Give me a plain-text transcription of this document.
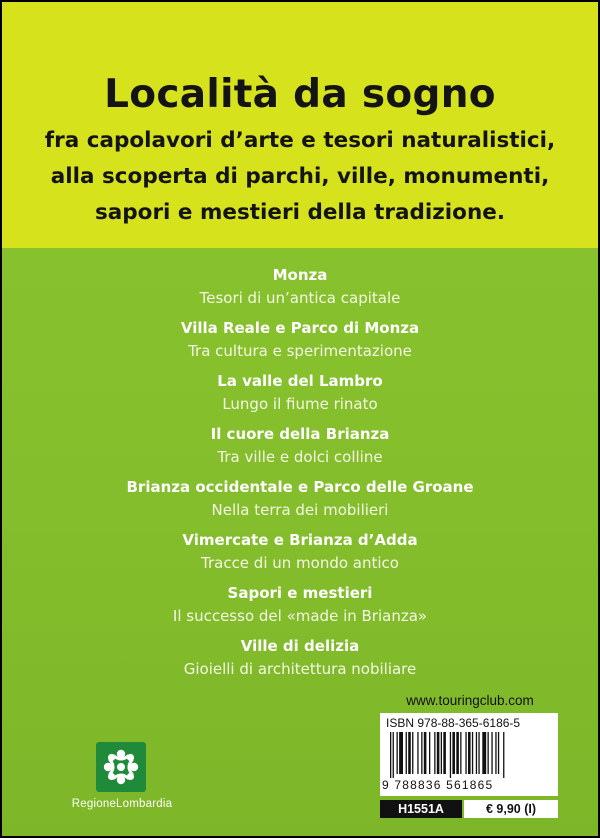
Località da sogno
fra capolavori d’arte e tesori naturalistici,
alla scoperta di parchi, ville, monumenti,
sapori e mestieri della tradizione.
Monza
Tesori di un’antica capitale
Villa Reale e Parco di Monza
Tra cultura e sperimentazione
La valle del Lambro
Lungo il fiume rinato
Il cuore della Brianza
Tra ville e dolci colline
Brianza occidentale e Parco delle Groane
Nella terra dei mobilieri
Vimercate e Brianza d’Adda
Tracce di un mondo antico
Sapori e mestieri
Il successo del «made in Brianza»
Ville di delizia
Gioielli di architettura nobiliare
RegioneLombardia
www.touringclub.com
ISBN 978-88-365-6186-5
9 788836 561865
H1551A	€ 9,90 (I)
